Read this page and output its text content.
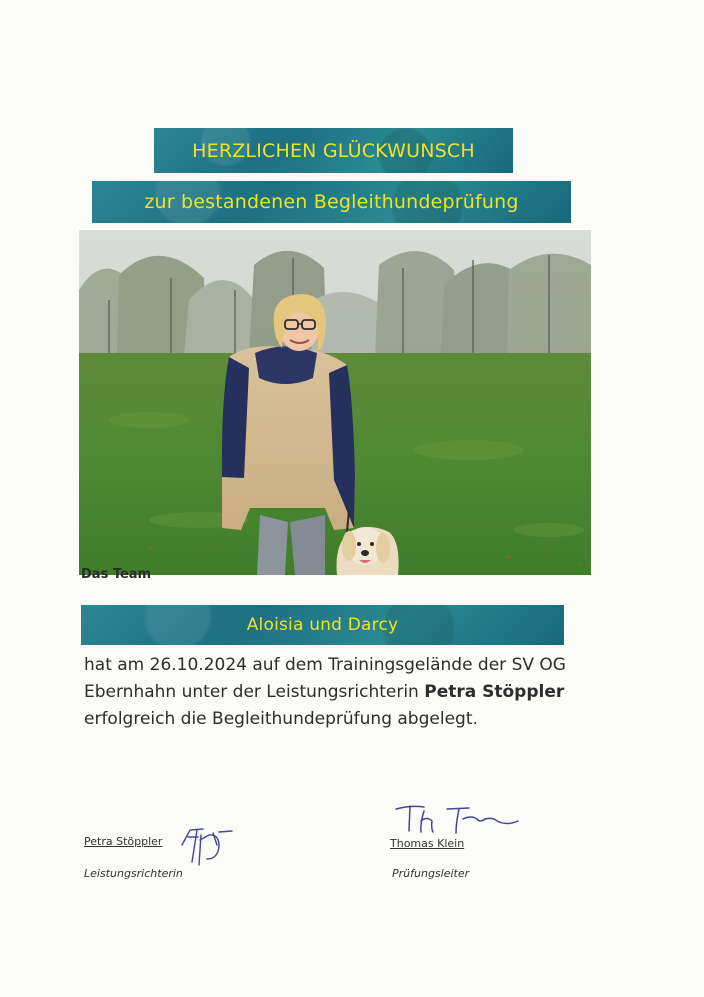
HERZLICHEN GLÜCKWUNSCH
zur bestandenen Begleithundeprüfung
Das Team
Aloisia und Darcy
hat am 26.10.2024 auf dem Trainingsgelände der SV OG
Ebernhahn unter der Leistungsrichterin Petra Stöppler
erfolgreich die Begleithundeprüfung abgelegt.
Petra Stöppler
Leistungsrichterin
Thomas Klein
Prüfungsleiter
